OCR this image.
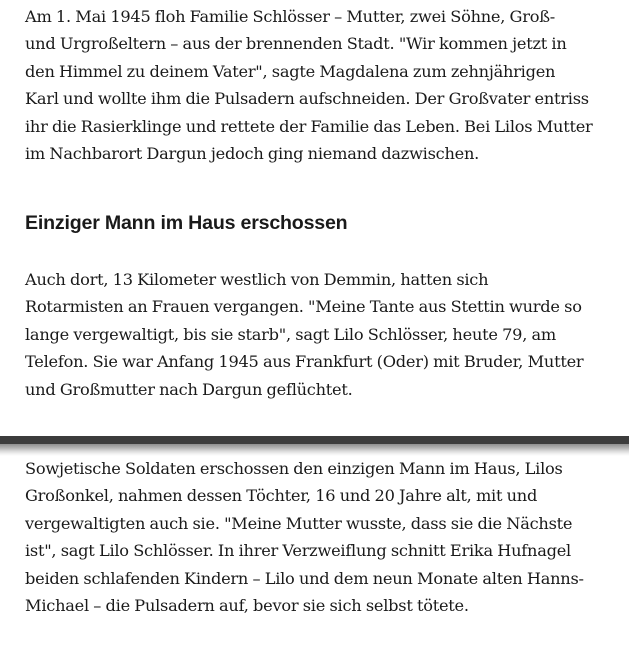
Am 1. Mai 1945 floh Familie Schlösser – Mutter, zwei Söhne, Groß-
und Urgroßeltern – aus der brennenden Stadt. "Wir kommen jetzt in
den Himmel zu deinem Vater", sagte Magdalena zum zehnjährigen
Karl und wollte ihm die Pulsadern aufschneiden. Der Großvater entriss
ihr die Rasierklinge und rettete der Familie das Leben. Bei Lilos Mutter
im Nachbarort Dargun jedoch ging niemand dazwischen.

Einziger Mann im Haus erschossen

Auch dort, 13 Kilometer westlich von Demmin, hatten sich
Rotarmisten an Frauen vergangen. "Meine Tante aus Stettin wurde so
lange vergewaltigt, bis sie starb", sagt Lilo Schlösser, heute 79, am
Telefon. Sie war Anfang 1945 aus Frankfurt (Oder) mit Bruder, Mutter
und Großmutter nach Dargun geflüchtet.

Sowjetische Soldaten erschossen den einzigen Mann im Haus, Lilos
Großonkel, nahmen dessen Töchter, 16 und 20 Jahre alt, mit und
vergewaltigten auch sie. "Meine Mutter wusste, dass sie die Nächste
ist", sagt Lilo Schlösser. In ihrer Verzweiflung schnitt Erika Hufnagel
beiden schlafenden Kindern – Lilo und dem neun Monate alten Hanns-
Michael – die Pulsadern auf, bevor sie sich selbst tötete.
